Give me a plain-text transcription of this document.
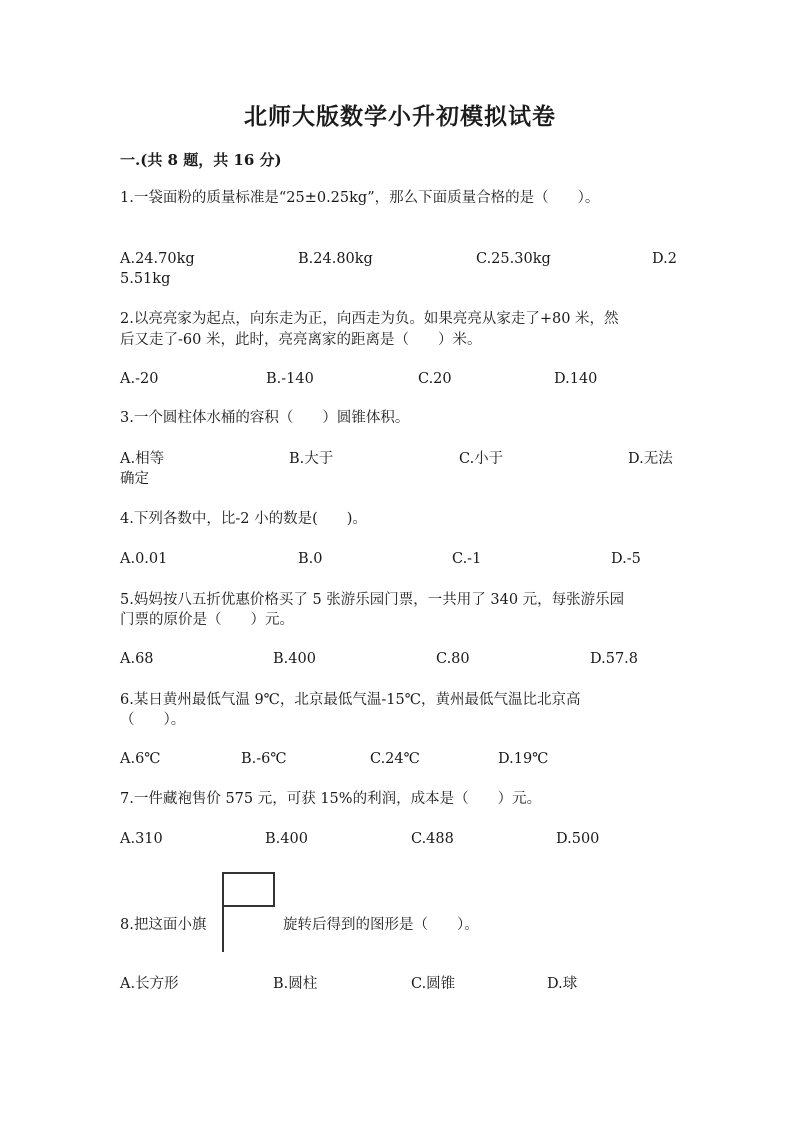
北师大版数学小升初模拟试卷
一.(共 8 题，共 16 分)
1.一袋面粉的质量标准是“25±0.25kg”，那么下面质量合格的是（　　）。
A.24.70kg	B.24.80kg	C.25.30kg	D.2
5.51kg
2.以亮亮家为起点，向东走为正，向西走为负。如果亮亮从家走了+80 米，然
后又走了-60 米，此时，亮亮离家的距离是（　　）米。
A.-20	B.-140	C.20	D.140
3.一个圆柱体水桶的容积（　　）圆锥体积。
A.相等	B.大于	C.小于	D.无法
确定
4.下列各数中，比-2 小的数是(　　)。
A.0.01	B.0	C.-1	D.-5
5.妈妈按八五折优惠价格买了 5 张游乐园门票，一共用了 340 元，每张游乐园
门票的原价是（　　）元。
A.68	B.400	C.80	D.57.8
6.某日黄州最低气温 9℃，北京最低气温-15℃，黄州最低气温比北京高
（　　）。
A.6℃	B.-6℃	C.24℃	D.19℃
7.一件藏袍售价 575 元，可获 15%的利润，成本是（　　）元。
A.310	B.400	C.488	D.500
8.把这面小旗	旋转后得到的图形是（　　）。
A.长方形	B.圆柱	C.圆锥	D.球
